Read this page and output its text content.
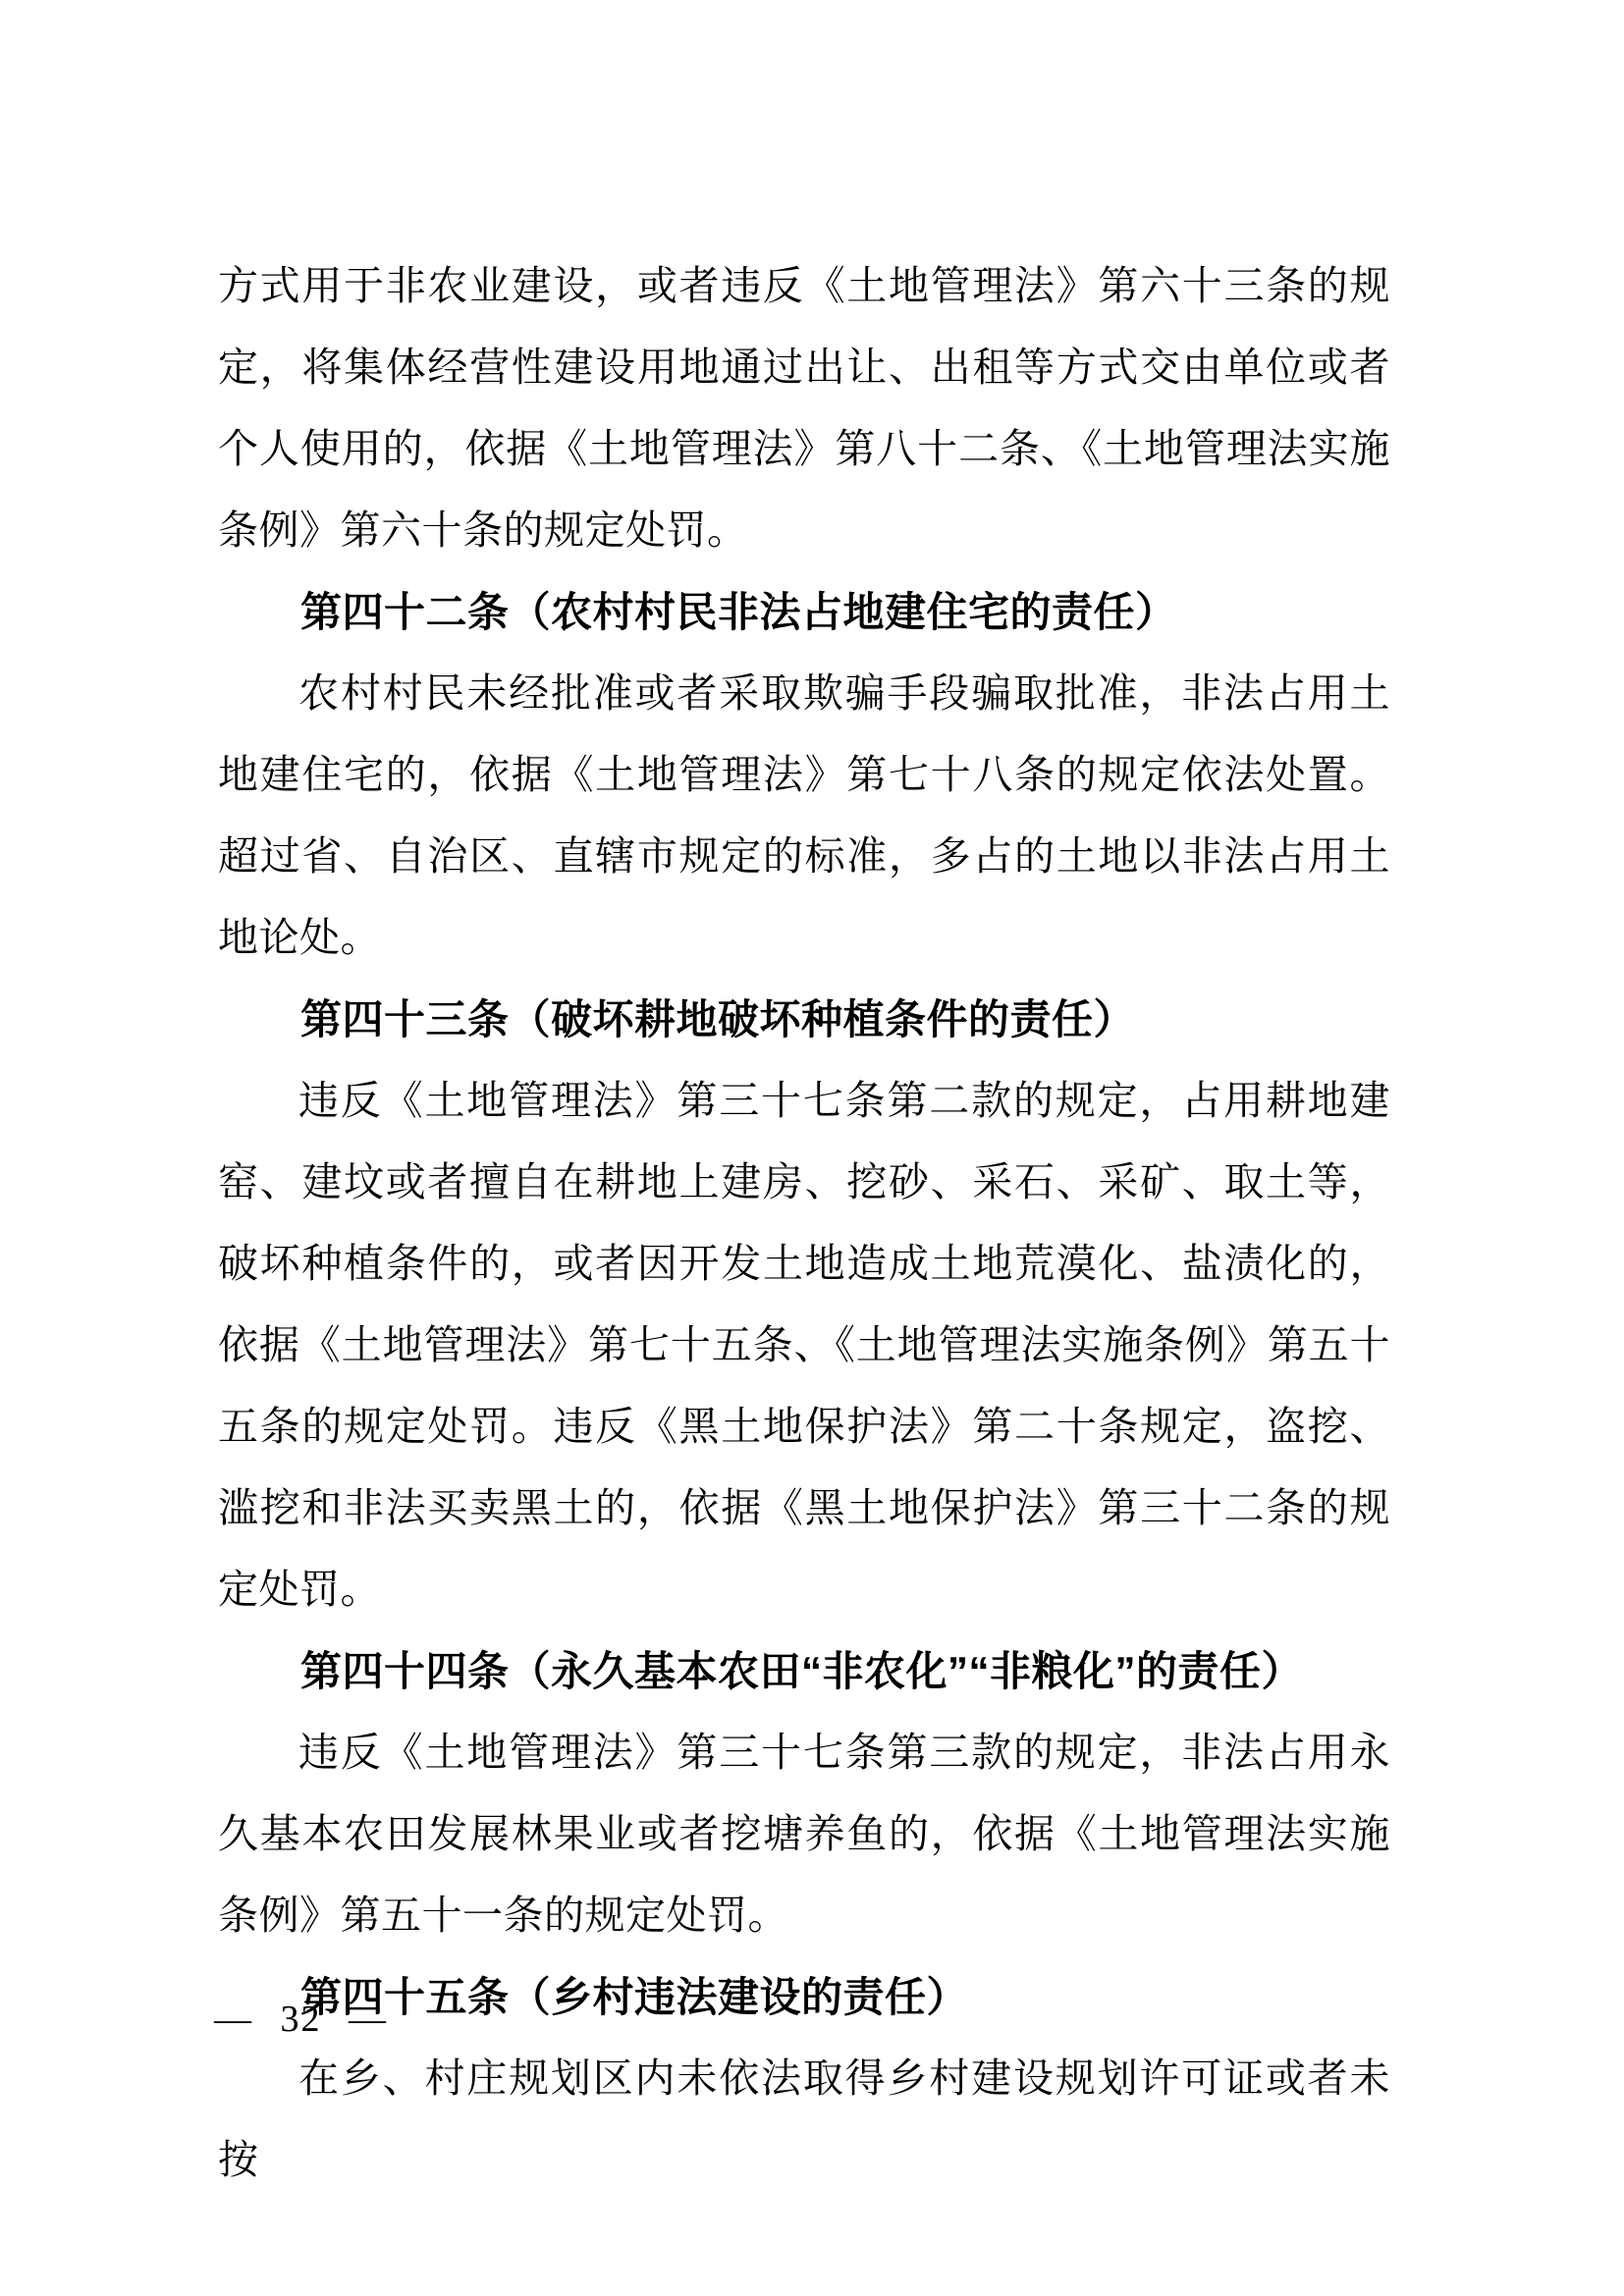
方式用于非农业建设，或者违反《土地管理法》第六十三条的规定，将集体经营性建设用地通过出让、出租等方式交由单位或者个人使用的，依据《土地管理法》第八十二条、《土地管理法实施条例》第六十条的规定处罚。

第四十二条（农村村民非法占地建住宅的责任）

农村村民未经批准或者采取欺骗手段骗取批准，非法占用土地建住宅的，依据《土地管理法》第七十八条的规定依法处置。超过省、自治区、直辖市规定的标准，多占的土地以非法占用土地论处。

第四十三条（破坏耕地破坏种植条件的责任）

违反《土地管理法》第三十七条第二款的规定，占用耕地建窑、建坟或者擅自在耕地上建房、挖砂、采石、采矿、取土等，破坏种植条件的，或者因开发土地造成土地荒漠化、盐渍化的，依据《土地管理法》第七十五条、《土地管理法实施条例》第五十五条的规定处罚。违反《黑土地保护法》第二十条规定，盗挖、滥挖和非法买卖黑土的，依据《黑土地保护法》第三十二条的规定处罚。

第四十四条（永久基本农田“非农化”“非粮化”的责任）

违反《土地管理法》第三十七条第三款的规定，非法占用永久基本农田发展林果业或者挖塘养鱼的，依据《土地管理法实施条例》第五十一条的规定处罚。

第四十五条（乡村违法建设的责任）

在乡、村庄规划区内未依法取得乡村建设规划许可证或者未按

— 32 —
